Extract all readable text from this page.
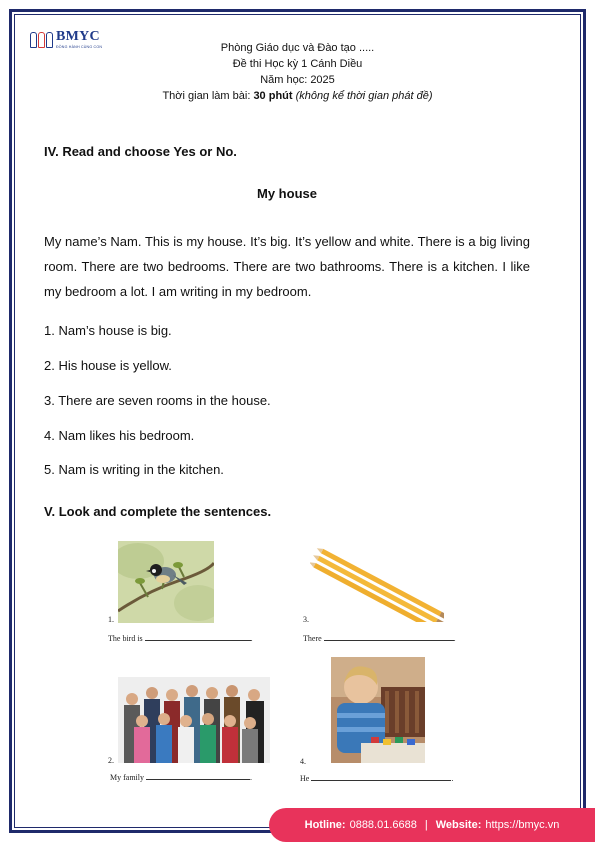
BMYC
ĐỒNG HÀNH CÙNG CON	Phòng Giáo dục và Đào tạo .....
Đề thi Học kỳ 1 Cánh Diều
Năm học: 2025
Thời gian làm bài: 30 phút (không kể thời gian phát đề)
IV. Read and choose Yes or No.
My house
My name’s Nam. This is my house. It’s big. It’s yellow and white. There is a big living room. There are two bedrooms. There are two bathrooms. There is a kitchen. I like my bedroom a lot. I am writing in my bedroom.
1. Nam’s house is big.
2. His house is yellow.
3. There are seven rooms in the house.
4. Nam likes his bedroom.
5. Nam is writing in the kitchen.
V. Look and complete the sentences.
1.	3.
The bird is	.	There	.
2.	4.
My family	.	He	.
Hotline: 0888.01.6688 | Website: https://bmyc.vn
